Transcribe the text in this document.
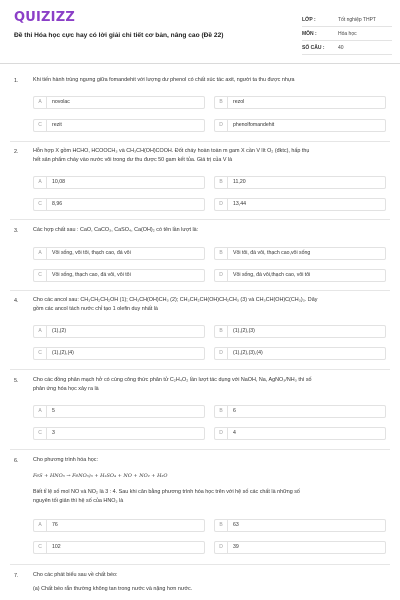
QUIZIZZ
Đề thi Hóa học cực hay có lời giải chi tiết cơ bản, nâng cao (Đề 22)
LỚP :	Tốt nghiệp THPT
MÔN :	Hóa học
SỐ CÂU :	40
1.	Khi tiến hành trùng ngưng giữa fomandehit với lượng dư phenol có chất xúc tác axit, người ta thu được nhựa
A	novolac	B	rezol
C	rezit	D	phenolfomandehit
2.	Hỗn hợp X gồm HCHO, HCOOCH₃ và CH₃CH(OH)COOH. Đốt cháy hoàn toàn m gam X cần V lít O₂ (đktc), hấp thụ
hết sản phẩm cháy vào nước vôi trong dư thu được 50 gam kết tủa. Giá trị của V là
A	10,08	B	11,20
C	8,96	D	13,44
3.	Các hợp chất sau : CaO, CaCO₃, CaSO₄, Ca(OH)₂ có tên lần lượt là:
A	Vôi sống, vôi tôi, thạch cao, đá vôi	B	Vôi tôi, đá vôi, thạch cao,vôi sống
C	Vôi sống, thạch cao, đá vôi, vôi tôi	D	Vôi sống, đá vôi,thạch cao, vôi tôi
4.	Cho các ancol sau: CH₃CH₂CH₂OH (1); CH₃CH(OH)CH₃ (2); CH₃CH₂CH(OH)CH₂CH₃ (3) và CH₃CH(OH)C(CH₃)₃. Dãy
gồm các ancol tách nước chỉ tạo 1 olefin duy nhất là
A	(1),(2)	B	(1),(2),(3)
C	(1),(2),(4)	D	(1),(2),(3),(4)
5.	Cho các đồng phân mạch hở có cùng công thức phân tử C₂H₄O₂ lần lượt tác dụng với NaOH, Na, AgNO₃/NH₃ thì số
phản ứng hóa học xảy ra là
A	5	B	6
C	3	D	4
6.	Cho phương trình hóa học:
FeS + HNO₃ → FeNO₃)₃ + H₂SO₄ + NO + NO₂ + H₂O
Biết tỉ lệ số mol NO và NO₂ là 3 : 4. Sau khi cân bằng phương trình hóa học trên với hệ số các chất là những số
nguyên tối giản thì hệ số của HNO₃ là
A	76	B	63
C	102	D	39
7.	Cho các phát biểu sau về chất béo:
(a) Chất béo rắn thường không tan trong nước và nặng hơn nước.
